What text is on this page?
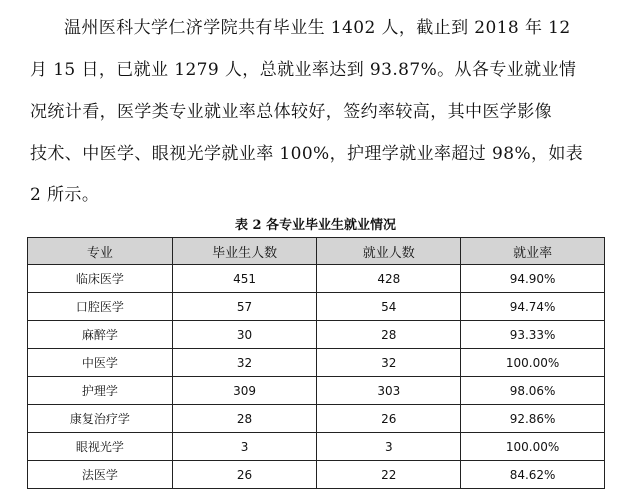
温州医科大学仁济学院共有毕业生 1402 人，截止到 2018 年 12
月 15 日，已就业 1279 人，总就业率达到 93.87%。从各专业就业情
况统计看，医学类专业就业率总体较好，签约率较高，其中医学影像
技术、中医学、眼视光学就业率 100%，护理学就业率超过 98%，如表
2 所示。
表 2 各专业毕业生就业情况
专业	毕业生人数	就业人数	就业率
临床医学	451	428	94.90%
口腔医学	57	54	94.74%
麻醉学	30	28	93.33%
中医学	32	32	100.00%
护理学	309	303	98.06%
康复治疗学	28	26	92.86%
眼视光学	3	3	100.00%
法医学	26	22	84.62%
